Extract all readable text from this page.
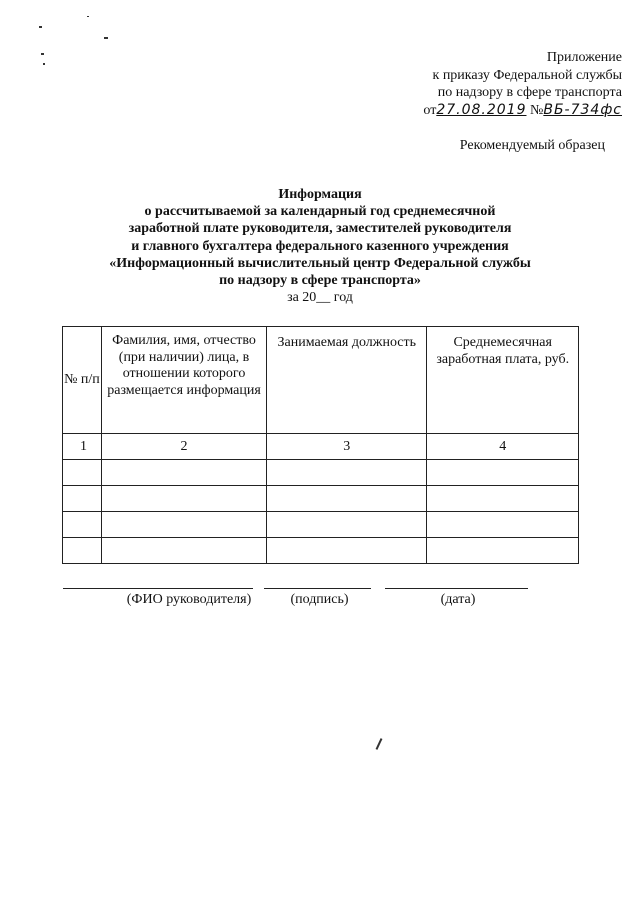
Приложение
к приказу Федеральной службы
по надзору в сфере транспорта
от27.08.2019 №ВБ-734фс
Рекомендуемый образец
Информация
о рассчитываемой за календарный год среднемесячной
заработной плате руководителя, заместителей руководителя
и главного бухгалтера федерального казенного учреждения
«Информационный вычислительный центр Федеральной службы
по надзору в сфере транспорта»
за 20__ год
№ п/п	Фамилия, имя, отчество (при наличии) лица, в отношении которого размещается информация	Занимаемая должность	Среднемесячная заработная плата, руб.
1	2	3	4

(ФИО руководителя)	(подпись)	(дата)
